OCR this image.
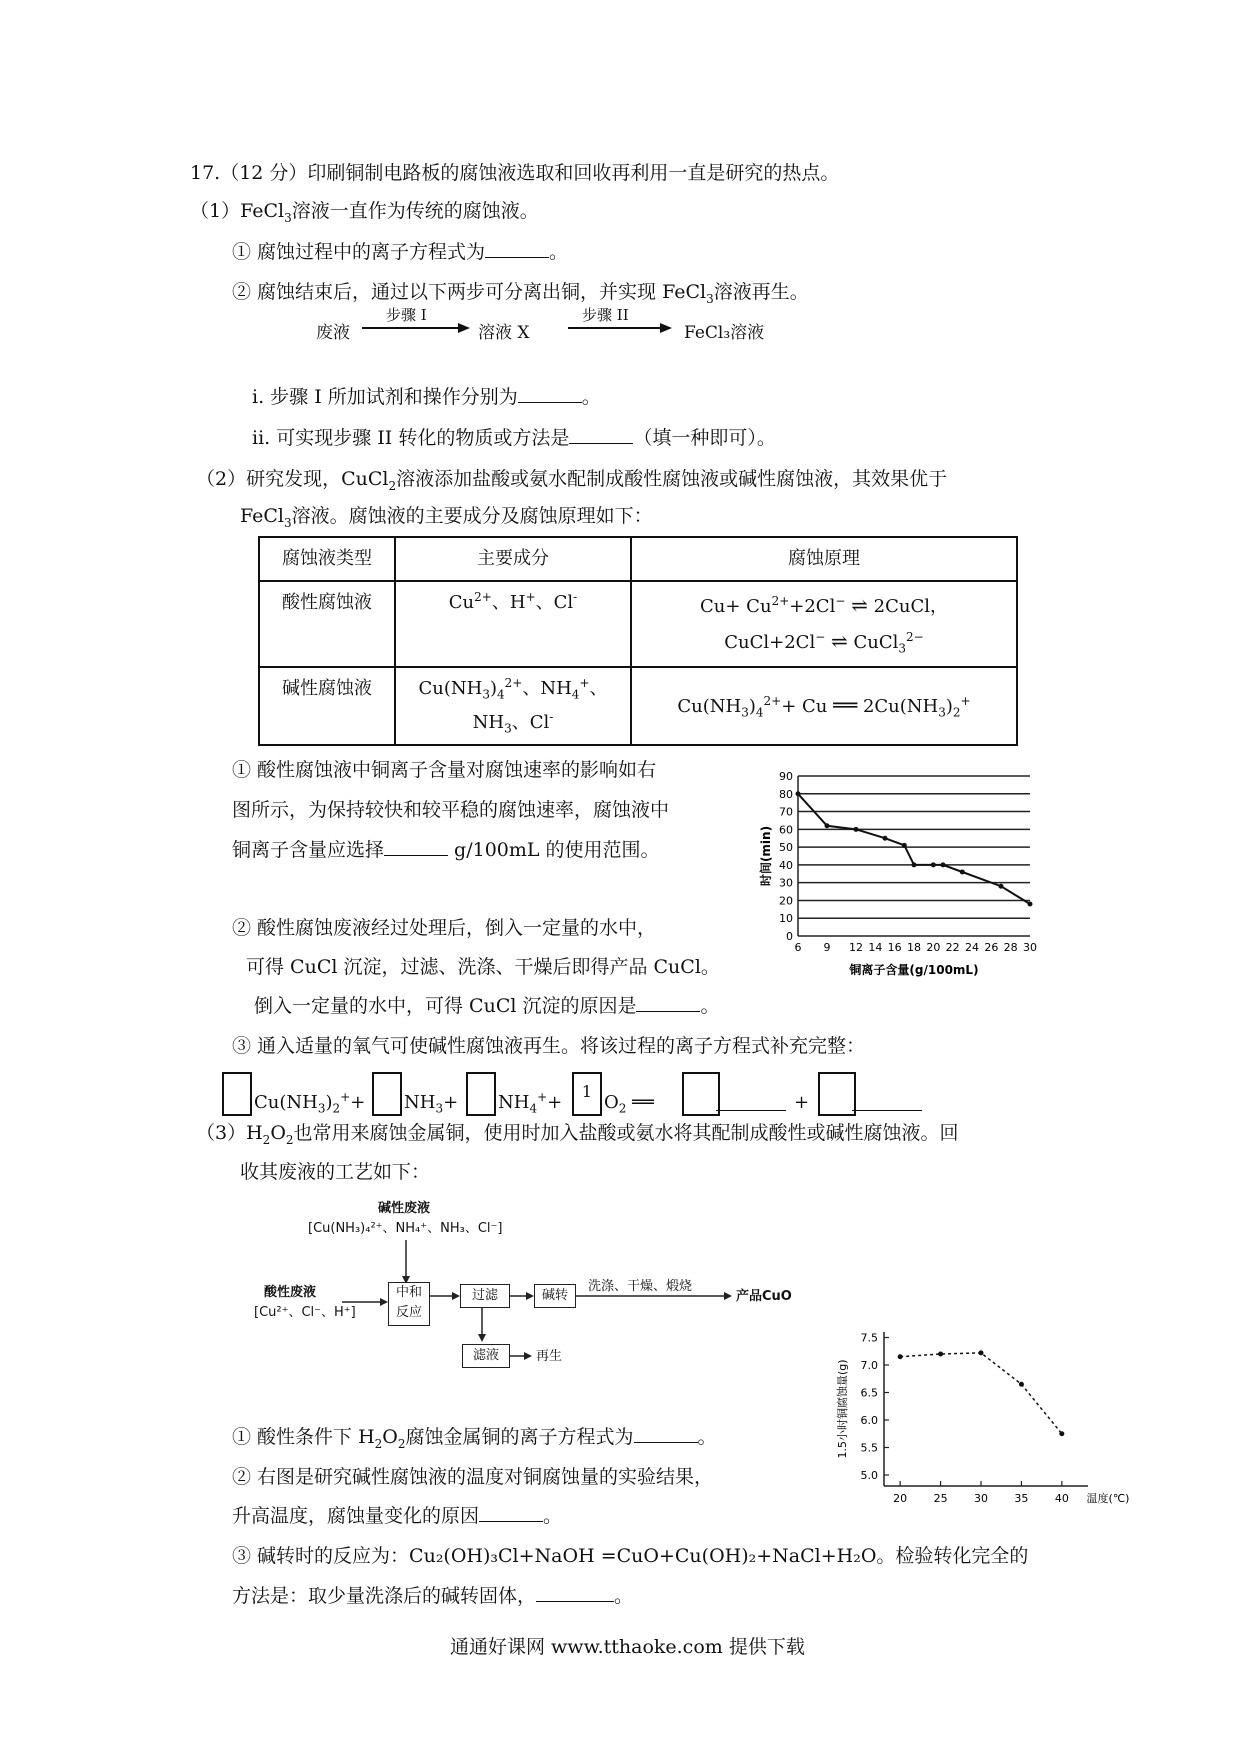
17.（12 分）印刷铜制电路板的腐蚀液选取和回收再利用一直是研究的热点。
（1）FeCl$_3$溶液一直作为传统的腐蚀液。
① 腐蚀过程中的离子方程式为	。
② 腐蚀结束后，通过以下两步可分离出铜，并实现 FeCl$_3$溶液再生。
废液
步骤 I
溶液 X
步骤 II
FeCl₃溶液
i. 步骤 I 所加试剂和操作分别为	。
ii. 可实现步骤 II 转化的物质或方法是	（填一种即可）。
（2）研究发现，CuCl$_2$溶液添加盐酸或氨水配制成酸性腐蚀液或碱性腐蚀液，其效果优于
FeCl$_3$溶液。腐蚀液的主要成分及腐蚀原理如下：
腐蚀液类型	主要成分	腐蚀原理
酸性腐蚀液	$Cu^{2+}$、H+、Cl-	$Cu+ Cu^{2+}+2Cl^-$ ⇌ 2CuCl，
CuCl+2Cl− ⇌ CuCl$_3^{2-}$
碱性腐蚀液	$Cu(NH_3)_4^{2+}$、$NH_4^+$、
$NH_3$、Cl-	$Cu(NH_3)_4^{2+}+ Cu$ ══ $2Cu(NH_3)_2^+$
① 酸性腐蚀液中铜离子含量对腐蚀速率的影响如右
图所示，为保持较快和较平稳的腐蚀速率，腐蚀液中
铜离子含量应选择	g/100mL 的使用范围。
0
10
20
30
40
50
60
70
80
90
6 9 12 14 16 18 20 22 24 26 28 30
铜离子含量(g/100mL)
时间(min)
② 酸性腐蚀废液经过处理后，倒入一定量的水中，
可得 CuCl 沉淀，过滤、洗涤、干燥后即得产品 CuCl。
倒入一定量的水中，可得 CuCl 沉淀的原因是	。
③ 通入适量的氧气可使碱性腐蚀液再生。将该过程的离子方程式补充完整：
$Cu(NH_3)_2^++ NH_3+ NH_4^++$
1
$O_2$ ══	+
$(3)H_2O_2$也常用来腐蚀金属铜，使用时加入盐酸或氨水将其配制成酸性或碱性腐蚀液。回
收其废液的工艺如下：
碱性废液
[Cu(NH₃)₄²⁺、NH₄⁺、NH₃、Cl⁻]
酸性废液
[Cu²⁺、Cl⁻、H⁺]
中和
反应
过滤	碱转
洗涤、干燥、煅烧
产品CuO
滤液	再生
5.0
5.5
6.0
6.5
7.0
7.5
20 25 30 35 40 温度(℃)
1.5小时铜腐蚀量(g)
① 酸性条件下 $H_2O_2$腐蚀金属铜的离子方程式为	。
② 右图是研究碱性腐蚀液的温度对铜腐蚀量的实验结果，
升高温度，腐蚀量变化的原因	。
③ 碱转时的反应为：Cu₂(OH)₃Cl+NaOH =CuO+Cu(OH)₂+NaCl+H₂O。检验转化完全的
方法是：取少量洗涤后的碱转固体，	。
通通好课网 www.tthaoke.com 提供下载
